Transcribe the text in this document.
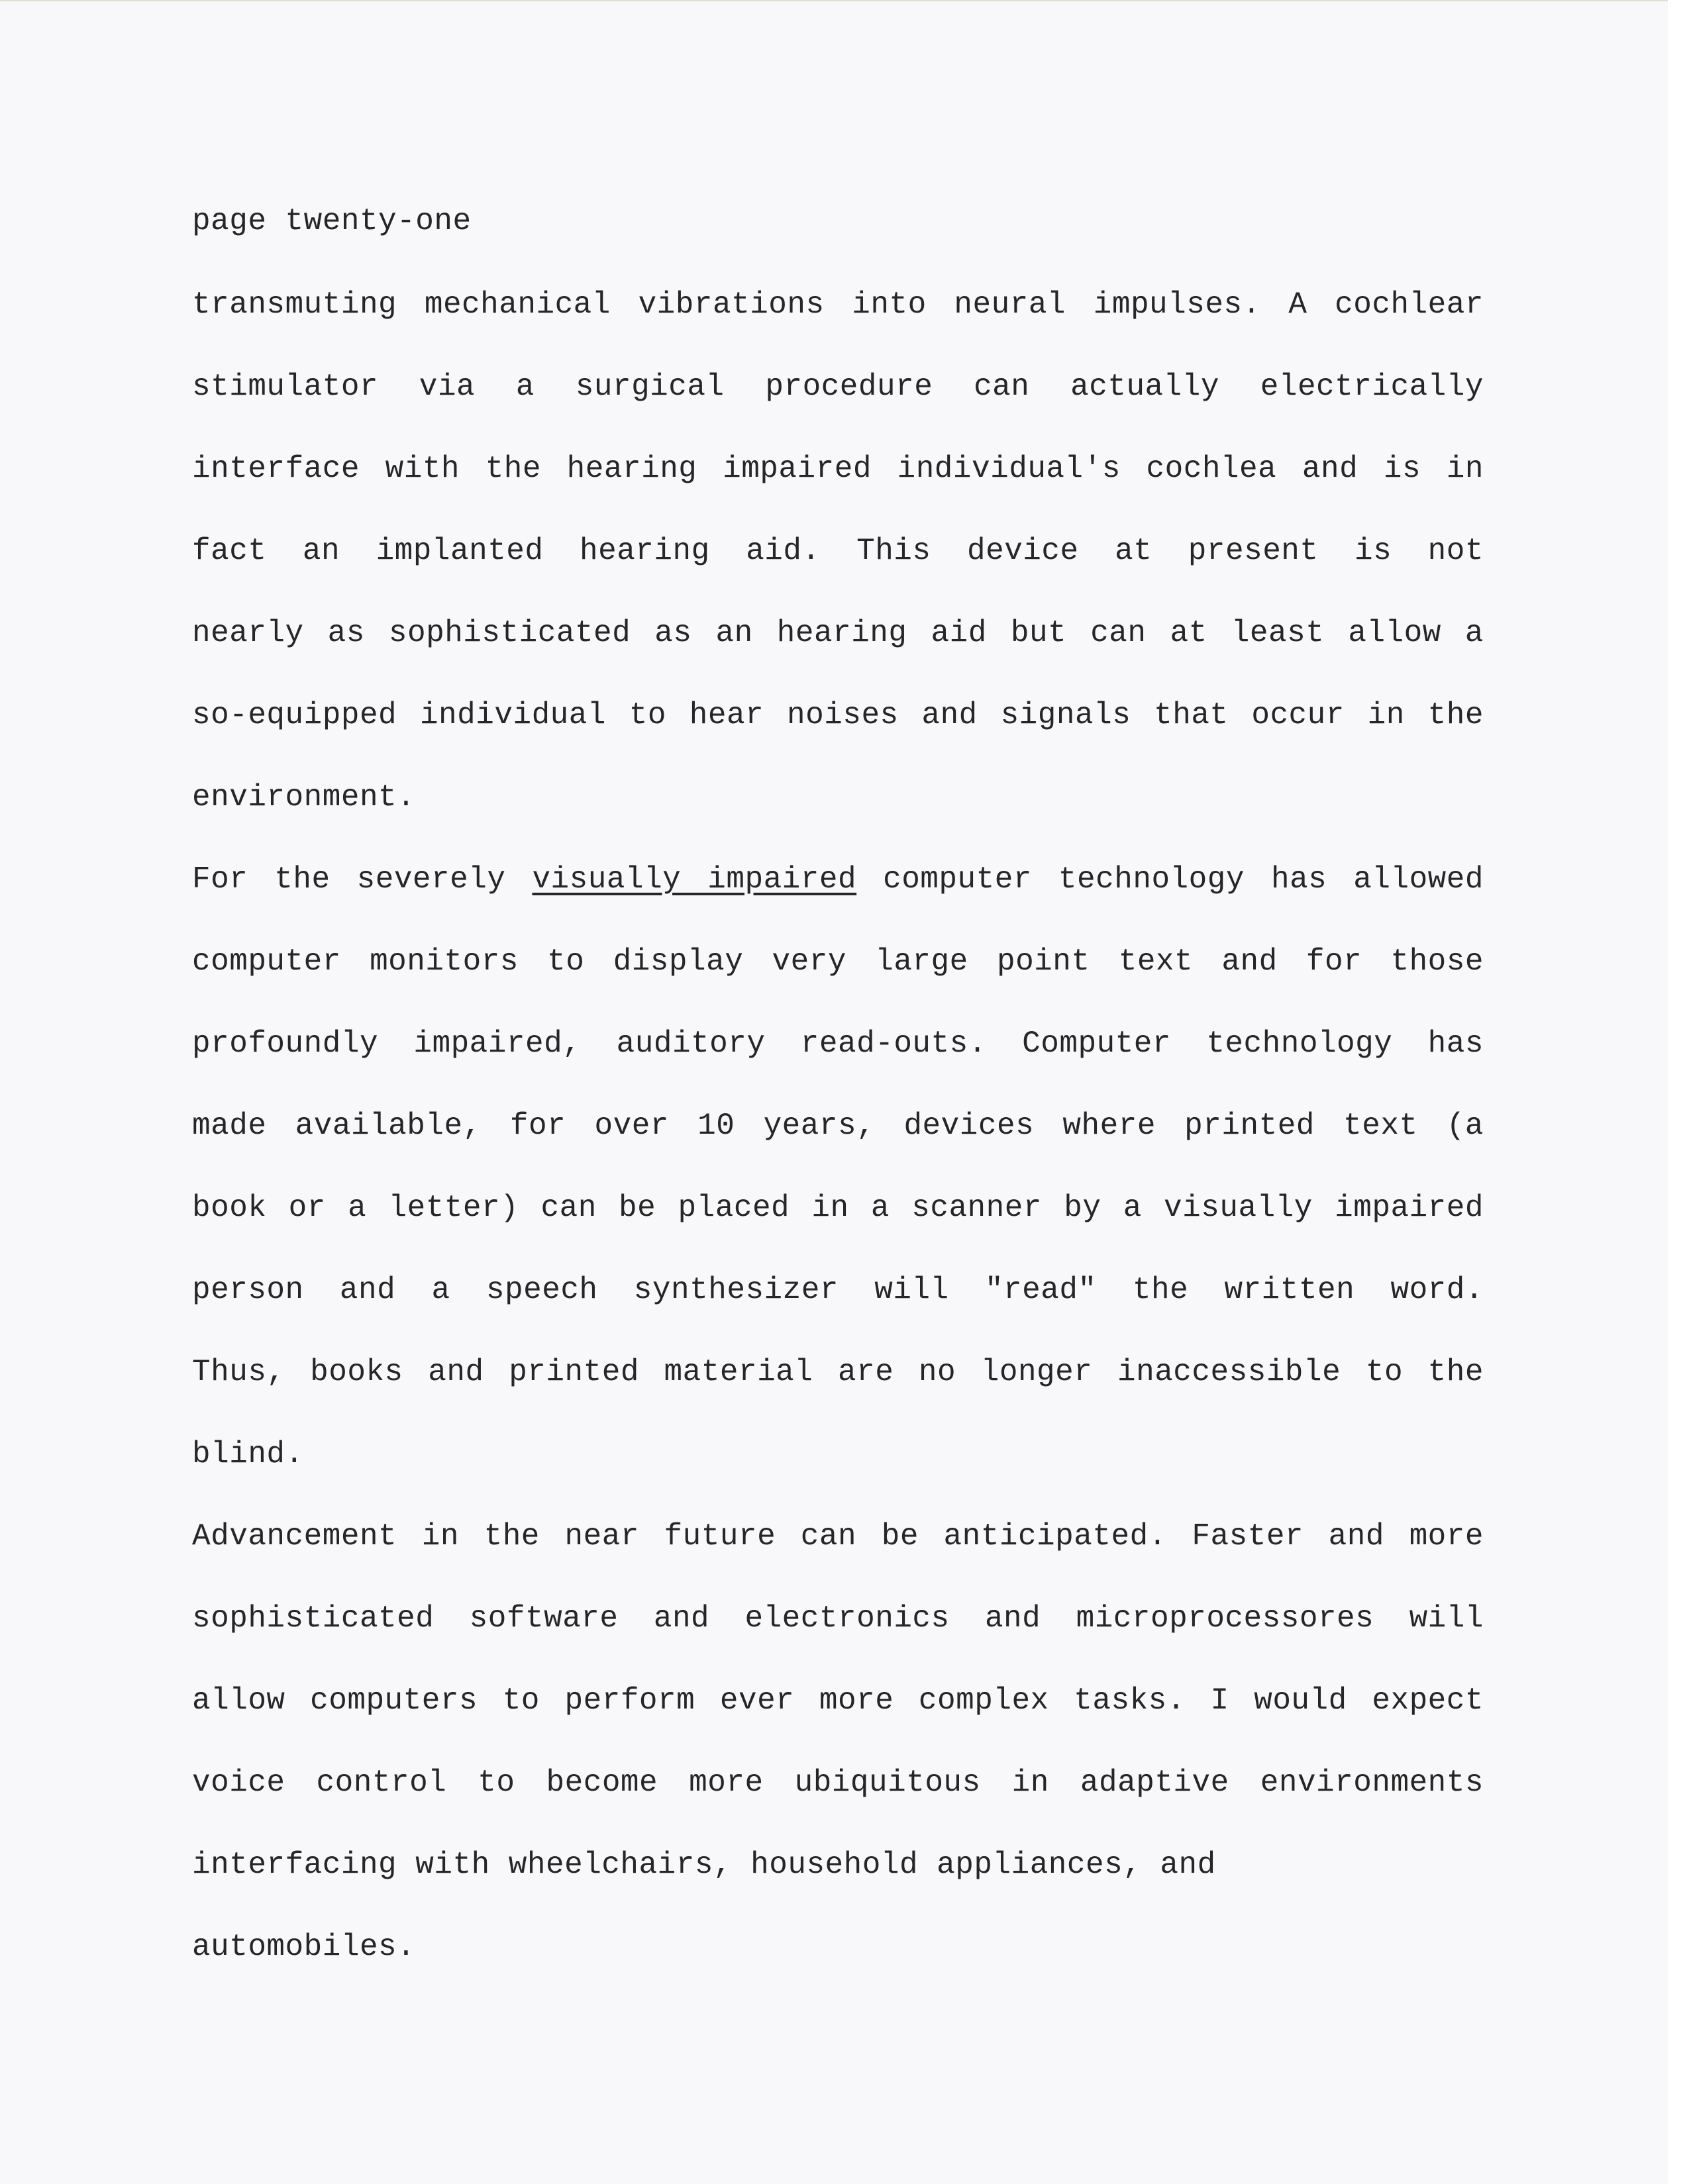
page twenty-one
transmuting mechanical vibrations into neural impulses. A cochlear
stimulator via a surgical procedure can actually electrically
interface with the hearing impaired individual's cochlea and is in
fact an implanted hearing aid. This device at present is not
nearly as sophisticated as an hearing aid but can at least allow a
so-equipped individual to hear noises and signals that occur in the
environment.
For the severely visually impaired computer technology has allowed
computer monitors to display very large point text and for those
profoundly impaired, auditory read-outs. Computer technology has
made available, for over 10 years, devices where printed text (a
book or a letter) can be placed in a scanner by a visually impaired
person and a speech synthesizer will "read" the written word.
Thus, books and printed material are no longer inaccessible to the
blind.
Advancement in the near future can be anticipated. Faster and more
sophisticated software and electronics and microprocessores will
allow computers to perform ever more complex tasks. I would expect
voice control to become more ubiquitous in adaptive environments
interfacing with wheelchairs, household appliances, and
automobiles.
